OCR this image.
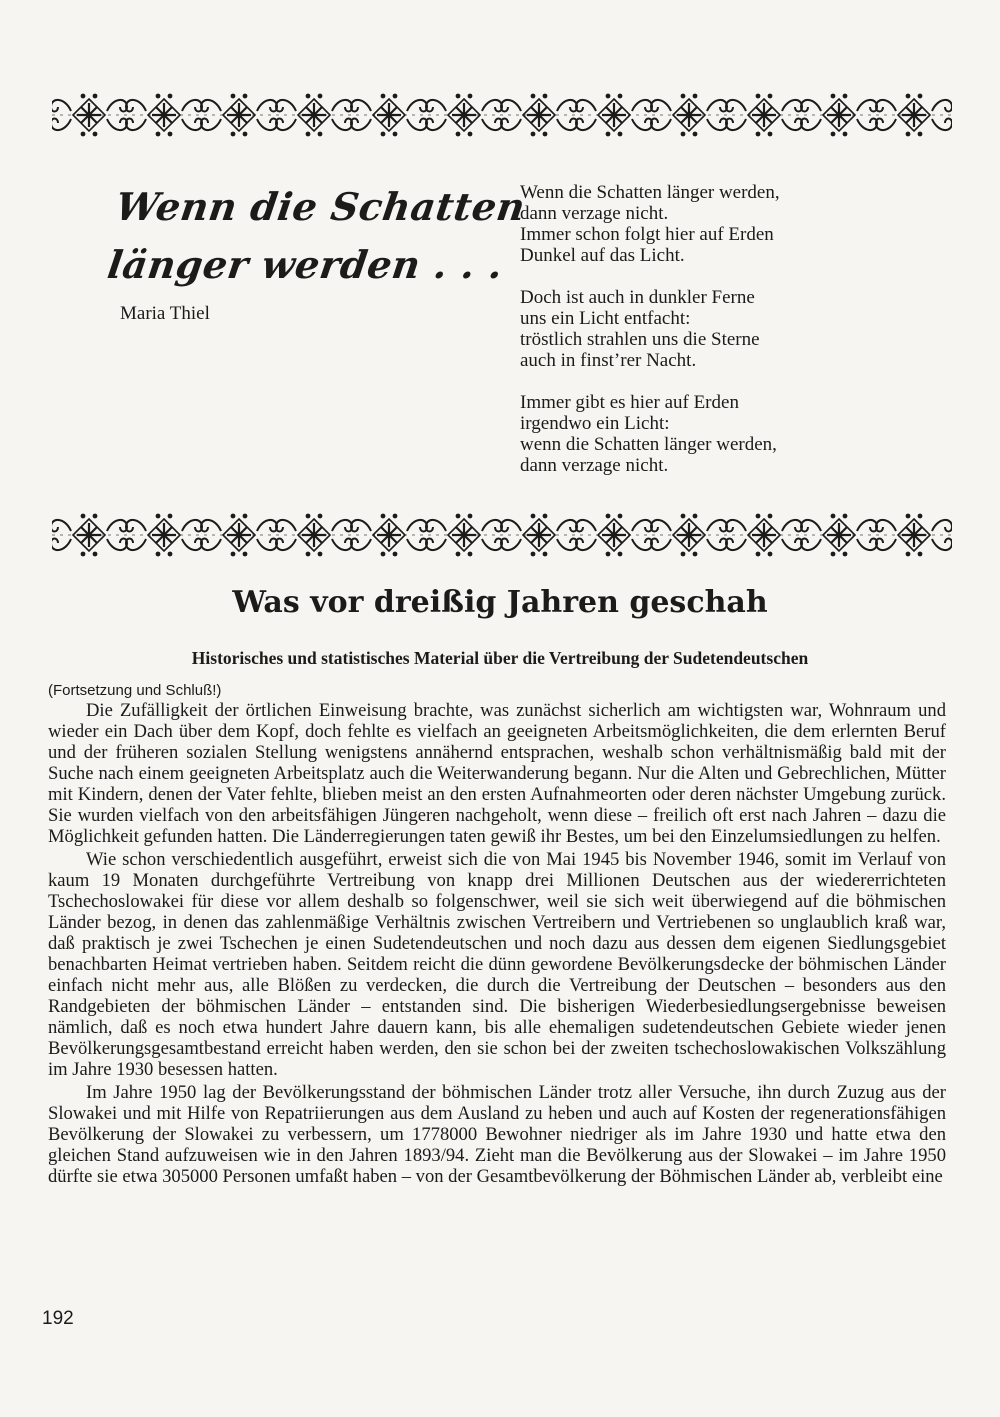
Wenn die Schatten
länger werden . . .
Maria Thiel
Wenn die Schatten länger werden,
dann verzage nicht.
Immer schon folgt hier auf Erden
Dunkel auf das Licht.
Doch ist auch in dunkler Ferne
uns ein Licht entfacht:
tröstlich strahlen uns die Sterne
auch in finst’rer Nacht.
Immer gibt es hier auf Erden
irgendwo ein Licht:
wenn die Schatten länger werden,
dann verzage nicht.
Was vor dreißig Jahren geschah
Historisches und statistisches Material über die Vertreibung der Sudetendeutschen
(Fortsetzung und Schluß!)

Die Zufälligkeit der örtlichen Einweisung brachte, was zunächst sicherlich am wichtigsten war, Wohnraum und wieder ein Dach über dem Kopf, doch fehlte es vielfach an geeigneten Arbeitsmöglichkeiten, die dem erlernten Beruf und der früheren sozialen Stellung wenigstens annähernd entsprachen, weshalb schon verhältnismäßig bald mit der Suche nach einem geeigneten Arbeitsplatz auch die Weiterwanderung begann. Nur die Alten und Gebrechlichen, Mütter mit Kindern, denen der Vater fehlte, blieben meist an den ersten Aufnahmeorten oder deren nächster Umgebung zurück. Sie wurden vielfach von den arbeitsfähigen Jüngeren nachgeholt, wenn diese – freilich oft erst nach Jahren – dazu die Möglichkeit gefunden hatten. Die Länderregierungen taten gewiß ihr Bestes, um bei den Einzelumsiedlungen zu helfen.

Wie schon verschiedentlich ausgeführt, erweist sich die von Mai 1945 bis November 1946, somit im Verlauf von kaum 19 Monaten durchgeführte Vertreibung von knapp drei Millionen Deutschen aus der wiedererrichteten Tschechoslowakei für diese vor allem deshalb so folgenschwer, weil sie sich weit überwiegend auf die böhmischen Länder bezog, in denen das zahlenmäßige Verhältnis zwischen Vertreibern und Vertriebenen so unglaublich kraß war, daß praktisch je zwei Tschechen je einen Sudetendeutschen und noch dazu aus dessen dem eigenen Siedlungsgebiet benachbarten Heimat vertrieben haben. Seitdem reicht die dünn gewordene Bevölkerungsdecke der böhmischen Länder einfach nicht mehr aus, alle Blößen zu verdecken, die durch die Vertreibung der Deutschen – besonders aus den Randgebieten der böhmischen Länder – entstanden sind. Die bisherigen Wiederbesiedlungsergebnisse beweisen nämlich, daß es noch etwa hundert Jahre dauern kann, bis alle ehemaligen sudetendeutschen Gebiete wieder jenen Bevölkerungsgesamtbestand erreicht haben werden, den sie schon bei der zweiten tschechoslowakischen Volkszählung im Jahre 1930 besessen hatten.

Im Jahre 1950 lag der Bevölkerungsstand der böhmischen Länder trotz aller Versuche, ihn durch Zuzug aus der Slowakei und mit Hilfe von Repatriierungen aus dem Ausland zu heben und auch auf Kosten der regenerationsfähigen Bevölkerung der Slowakei zu verbessern, um 1778000 Bewohner niedriger als im Jahre 1930 und hatte etwa den gleichen Stand aufzuweisen wie in den Jahren 1893/94. Zieht man die Bevölkerung aus der Slowakei – im Jahre 1950 dürfte sie etwa 305000 Personen umfaßt haben – von der Gesamtbevölkerung der Böhmischen Länder ab, verbleibt eine

192
